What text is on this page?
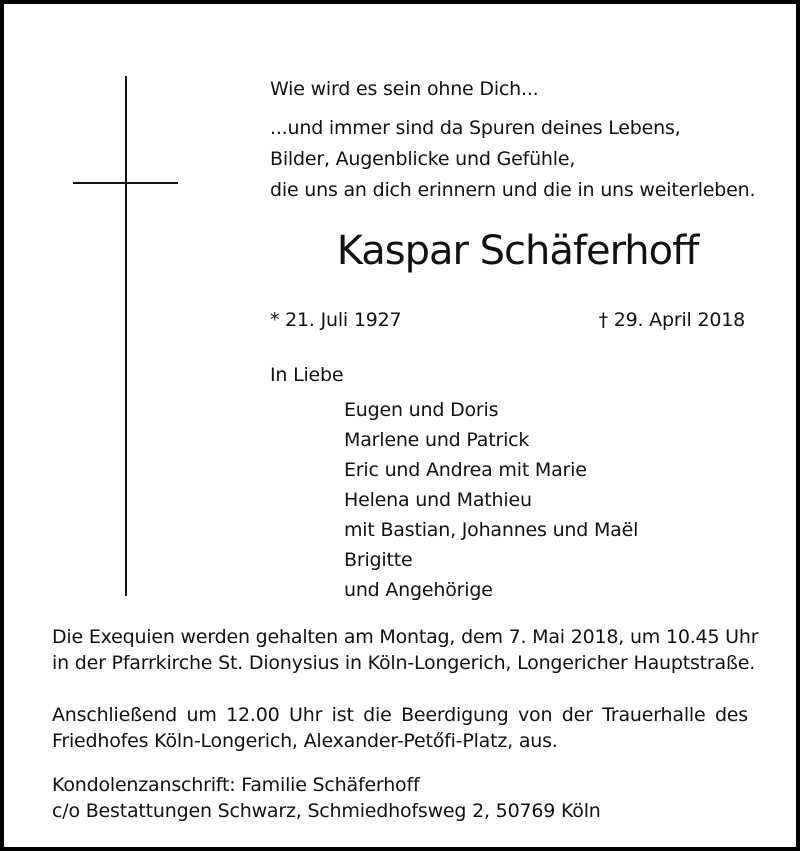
Wie wird es sein ohne Dich...
...und immer sind da Spuren deines Lebens,
Bilder, Augenblicke und Gefühle,
die uns an dich erinnern und die in uns weiterleben.
Kaspar Schäferhoff
* 21. Juli 1927	† 29. April 2018
In Liebe
Eugen und Doris
Marlene und Patrick
Eric und Andrea mit Marie
Helena und Mathieu
mit Bastian, Johannes und Maël
Brigitte
und Angehörige
Die Exequien werden gehalten am Montag, dem 7. Mai 2018, um 10.45 Uhr
in der Pfarrkirche St. Dionysius in Köln-Longerich, Longericher Hauptstraße.
Anschließend um 12.00 Uhr ist die Beerdigung von der Trauerhalle des
Friedhofes Köln-Longerich, Alexander-Petőfi-Platz, aus.
Kondolenzanschrift: Familie Schäferhoff
c/o Bestattungen Schwarz, Schmiedhofsweg 2, 50769 Köln
